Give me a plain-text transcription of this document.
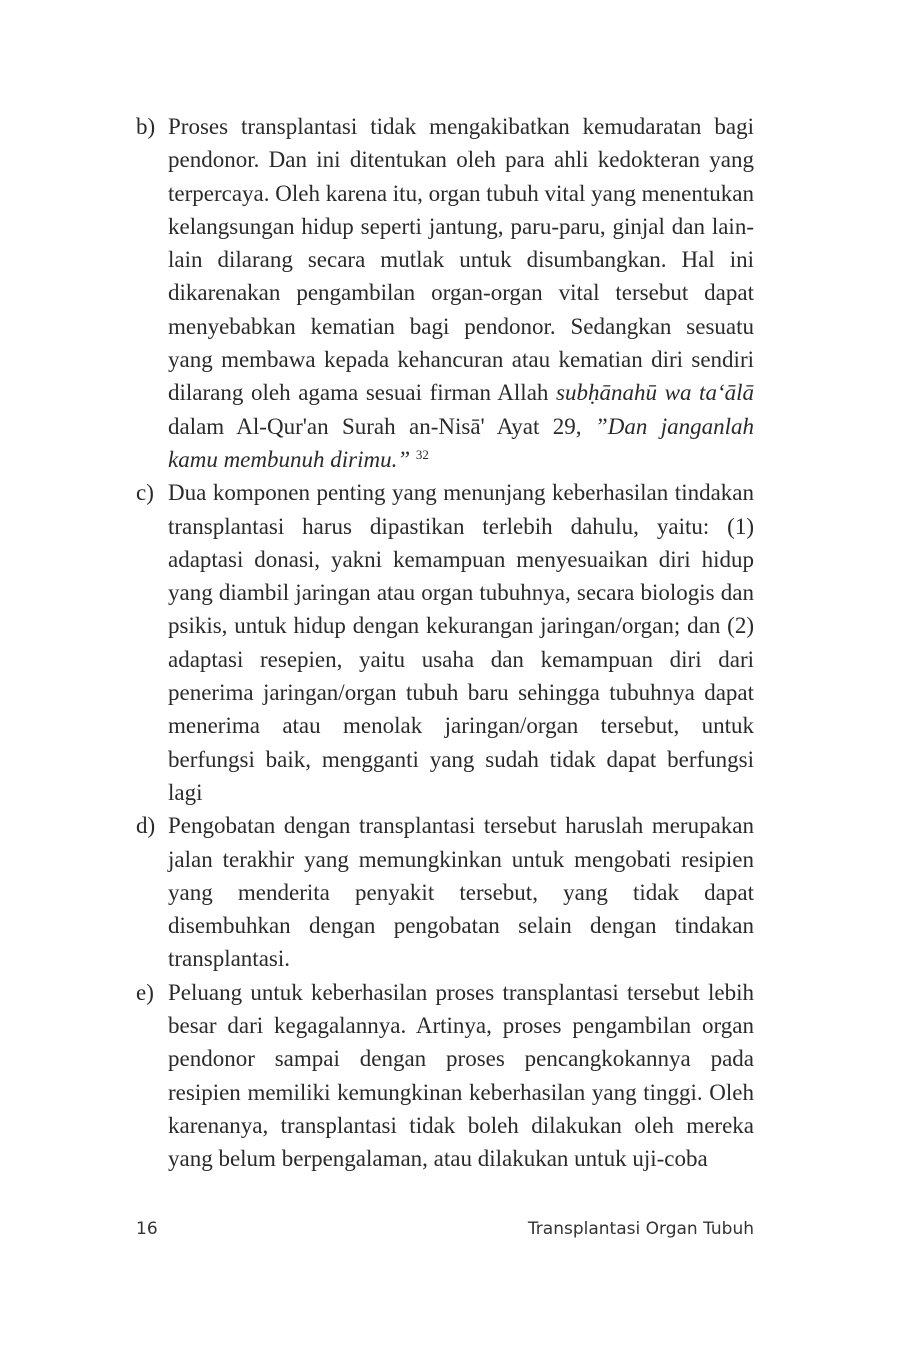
b) Proses transplantasi tidak mengakibatkan kemudaratan bagi pendonor. Dan ini ditentukan oleh para ahli kedokteran yang terpercaya. Oleh karena itu, organ tubuh vital yang menentukan kelangsungan hidup seperti jantung, paru-paru, ginjal dan lain-lain dilarang secara mutlak untuk disumbangkan. Hal ini dikarenakan pengambilan organ-organ vital tersebut dapat menyebabkan kematian bagi pendonor. Sedangkan sesuatu yang membawa kepada kehancuran atau kematian diri sendiri dilarang oleh agama sesuai firman Allah subḥānahū wa ta‘ālā dalam Al-Qur'an Surah an-Nisā' Ayat 29, ”Dan janganlah kamu membunuh dirimu.” $^{32}$

c) Dua komponen penting yang menunjang keberhasilan tindakan transplantasi harus dipastikan terlebih dahulu, yaitu: (1) adaptasi donasi, yakni kemampuan menyesuaikan diri hidup yang diambil jaringan atau organ tubuhnya, secara biologis dan psikis, untuk hidup dengan kekurangan jaringan/organ; dan (2) adaptasi resepien, yaitu usaha dan kemampuan diri dari penerima jaringan/organ tubuh baru sehingga tubuhnya dapat menerima atau menolak jaringan/organ tersebut, untuk berfungsi baik, mengganti yang sudah tidak dapat berfungsi lagi

d) Pengobatan dengan transplantasi tersebut haruslah merupakan jalan terakhir yang memungkinkan untuk mengobati resipien yang menderita penyakit tersebut, yang tidak dapat disembuhkan dengan pengobatan selain dengan tindakan transplantasi.

e) Peluang untuk keberhasilan proses transplantasi tersebut lebih besar dari kegagalannya. Artinya, proses pengambilan organ pendonor sampai dengan proses pencangkokannya pada resipien memiliki kemungkinan keberhasilan yang tinggi. Oleh karenanya, transplantasi tidak boleh dilakukan oleh mereka yang belum berpengalaman, atau dilakukan untuk uji-coba

16	Transplantasi Organ Tubuh
